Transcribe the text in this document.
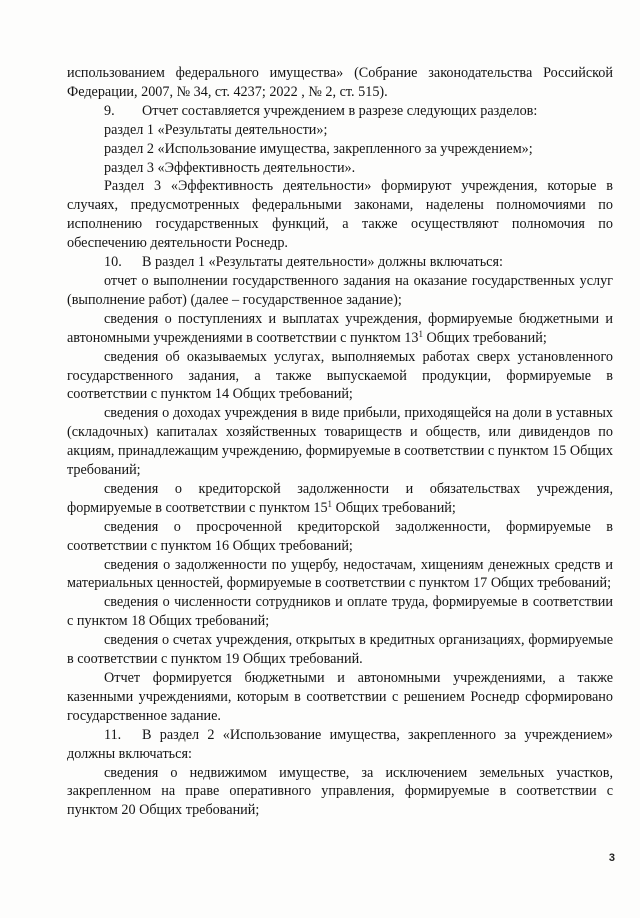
использованием федерального имущества» (Собрание законодательства Российской Федерации, 2007, № 34, ст. 4237; 2022 , № 2, ст. 515).

9. Отчет составляется учреждением в разрезе следующих разделов:

раздел 1 «Результаты деятельности»;

раздел 2 «Использование имущества, закрепленного за учреждением»;

раздел 3 «Эффективность деятельности».

Раздел 3 «Эффективность деятельности» формируют учреждения, которые в случаях, предусмотренных федеральными законами, наделены полномочиями по исполнению государственных функций, а также осуществляют полномочия по обеспечению деятельности Роснедр.

10. В раздел 1 «Результаты деятельности» должны включаться:

отчет о выполнении государственного задания на оказание государственных услуг (выполнение работ) (далее – государственное задание);

сведения о поступлениях и выплатах учреждения, формируемые бюджетными и автономными учреждениями в соответствии с пунктом $13^1$ Общих требований;

сведения об оказываемых услугах, выполняемых работах сверх установленного государственного задания, а также выпускаемой продукции, формируемые в соответствии с пунктом 14 Общих требований;

сведения о доходах учреждения в виде прибыли, приходящейся на доли в уставных (складочных) капиталах хозяйственных товариществ и обществ, или дивидендов по акциям, принадлежащим учреждению, формируемые в соответствии с пунктом 15 Общих требований;

сведения о кредиторской задолженности и обязательствах учреждения, формируемые в соответствии с пунктом $15^1$ Общих требований;

сведения о просроченной кредиторской задолженности, формируемые в соответствии с пунктом 16 Общих требований;

сведения о задолженности по ущербу, недостачам, хищениям денежных средств и материальных ценностей, формируемые в соответствии с пунктом 17 Общих требований;

сведения о численности сотрудников и оплате труда, формируемые в соответствии с пунктом 18 Общих требований;

сведения о счетах учреждения, открытых в кредитных организациях, формируемые в соответствии с пунктом 19 Общих требований.

Отчет формируется бюджетными и автономными учреждениями, а также казенными учреждениями, которым в соответствии с решением Роснедр сформировано государственное задание.

11. В раздел 2 «Использование имущества, закрепленного за учреждением» должны включаться:

сведения о недвижимом имуществе, за исключением земельных участков, закрепленном на праве оперативного управления, формируемые в соответствии с пунктом 20 Общих требований;

3
